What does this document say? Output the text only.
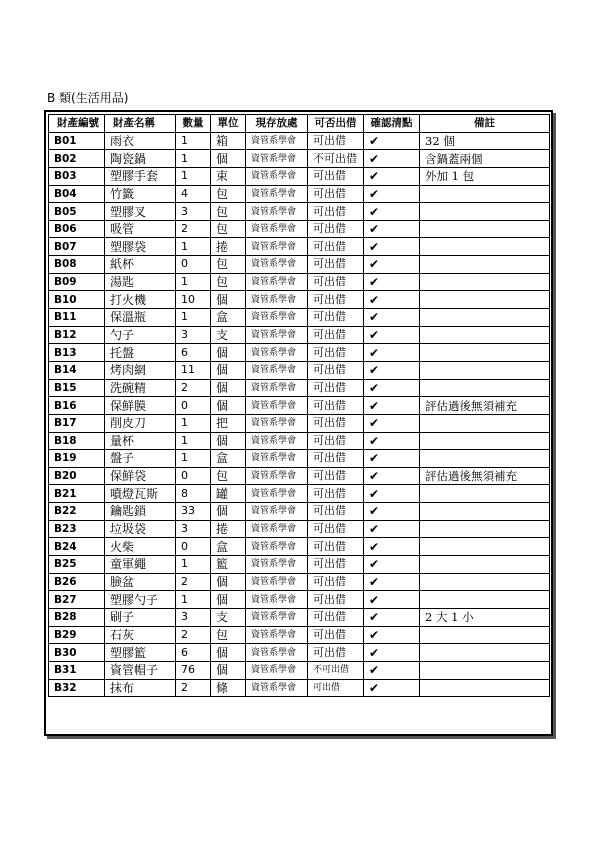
B 類(生活用品)
財產編號	財產名稱	數量	單位	現存放處	可否出借	確認清點	備註
B01	雨衣	1	箱	資管系學會	可出借	✔	32 個
B02	陶瓷鍋	1	個	資管系學會	不可出借	✔	含鍋蓋兩個
B03	塑膠手套	1	束	資管系學會	可出借	✔	外加 1 包
B04	竹籤	4	包	資管系學會	可出借	✔	
B05	塑膠叉	3	包	資管系學會	可出借	✔	
B06	吸管	2	包	資管系學會	可出借	✔	
B07	塑膠袋	1	捲	資管系學會	可出借	✔	
B08	紙杯	0	包	資管系學會	可出借	✔	
B09	湯匙	1	包	資管系學會	可出借	✔	
B10	打火機	10	個	資管系學會	可出借	✔	
B11	保溫瓶	1	盒	資管系學會	可出借	✔	
B12	勺子	3	支	資管系學會	可出借	✔	
B13	托盤	6	個	資管系學會	可出借	✔	
B14	烤肉網	11	個	資管系學會	可出借	✔	
B15	洗碗精	2	個	資管系學會	可出借	✔	
B16	保鮮膜	0	個	資管系學會	可出借	✔	評估過後無須補充
B17	削皮刀	1	把	資管系學會	可出借	✔	
B18	量杯	1	個	資管系學會	可出借	✔	
B19	盤子	1	盒	資管系學會	可出借	✔	
B20	保鮮袋	0	包	資管系學會	可出借	✔	評估過後無須補充
B21	噴燈瓦斯	8	罐	資管系學會	可出借	✔	
B22	鑰匙鎖	33	個	資管系學會	可出借	✔	
B23	垃圾袋	3	捲	資管系學會	可出借	✔	
B24	火柴	0	盒	資管系學會	可出借	✔	
B25	童軍繩	1	籃	資管系學會	可出借	✔	
B26	臉盆	2	個	資管系學會	可出借	✔	
B27	塑膠勺子	1	個	資管系學會	可出借	✔	
B28	刷子	3	支	資管系學會	可出借	✔	2 大 1 小
B29	石灰	2	包	資管系學會	可出借	✔	
B30	塑膠籃	6	個	資管系學會	可出借	✔	
B31	資管帽子	76	個	資管系學會	不可出借	✔	
B32	抹布	2	條	資管系學會	可出借	✔	
